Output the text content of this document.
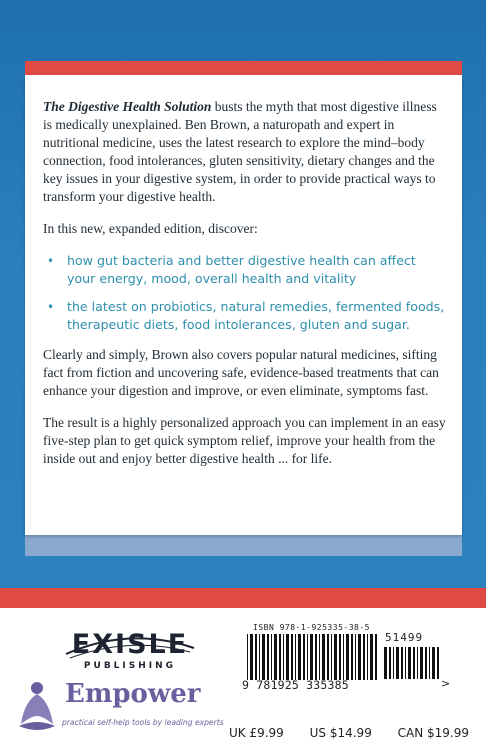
The Digestive Health Solution busts the myth that most digestive illness is medically unexplained. Ben Brown, a naturopath and expert in nutritional medicine, uses the latest research to explore the mind–body connection, food intolerances, gluten sensitivity, dietary changes and the key issues in your digestive system, in order to provide practical ways to transform your digestive health.

In this new, expanded edition, discover:

• how gut bacteria and better digestive health can affect your energy, mood, overall health and vitality
• the latest on probiotics, natural remedies, fermented foods, therapeutic diets, food intolerances, gluten and sugar.

Clearly and simply, Brown also covers popular natural medicines, sifting fact from fiction and uncovering safe, evidence-based treatments that can enhance your digestion and improve, or even eliminate, symptoms fast.

The result is a highly personalized approach you can implement in an easy five-step plan to get quick symptom relief, improve your health from the inside out and enjoy better digestive health ... for life.

EXISLE
PUBLISHING
Empower
practical self-help tools by leading experts
ISBN 978-1-925335-38-5
51499
9 781925 335385	>
UK £9.99 US $14.99 CAN $19.99
